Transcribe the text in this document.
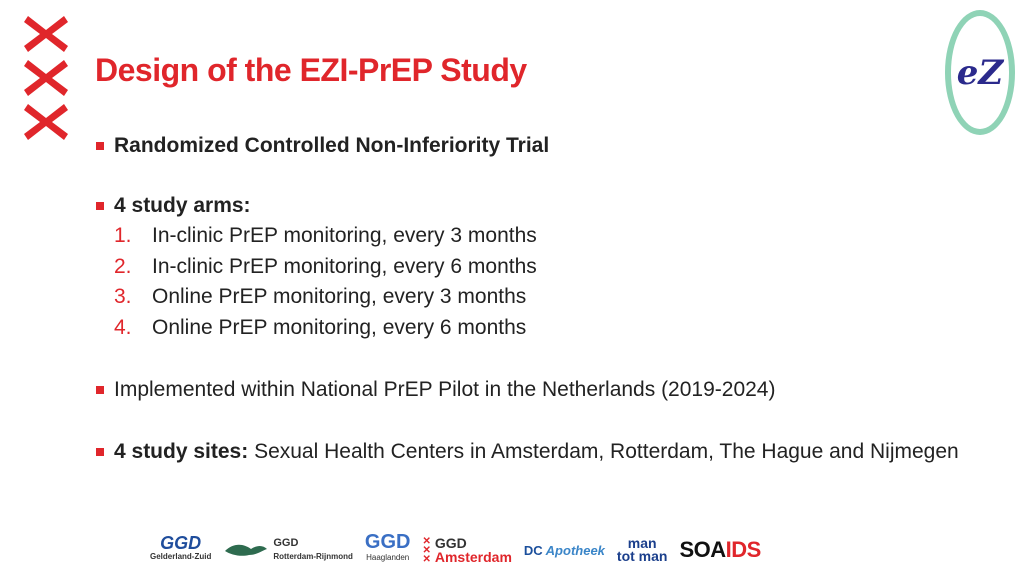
Design of the EZI-PrEP Study	eZ
Randomized Controlled Non-Inferiority Trial
4 study arms:
1. In-clinic PrEP monitoring, every 3 months
2. In-clinic PrEP monitoring, every 6 months
3. Online PrEP monitoring, every 3 months
4. Online PrEP monitoring, every 6 months
Implemented within National PrEP Pilot in the Netherlands (2019-2024)
4 study sites: Sexual Health Centers in Amsterdam, Rotterdam, The Hague and Nijmegen
GGD
Gelderland-Zuid
GGD
Rotterdam-Rijnmond
GGD
Haaglanden
✕
✕
✕
GGD
Amsterdam DC Apotheek man
tot man SOA IDS
